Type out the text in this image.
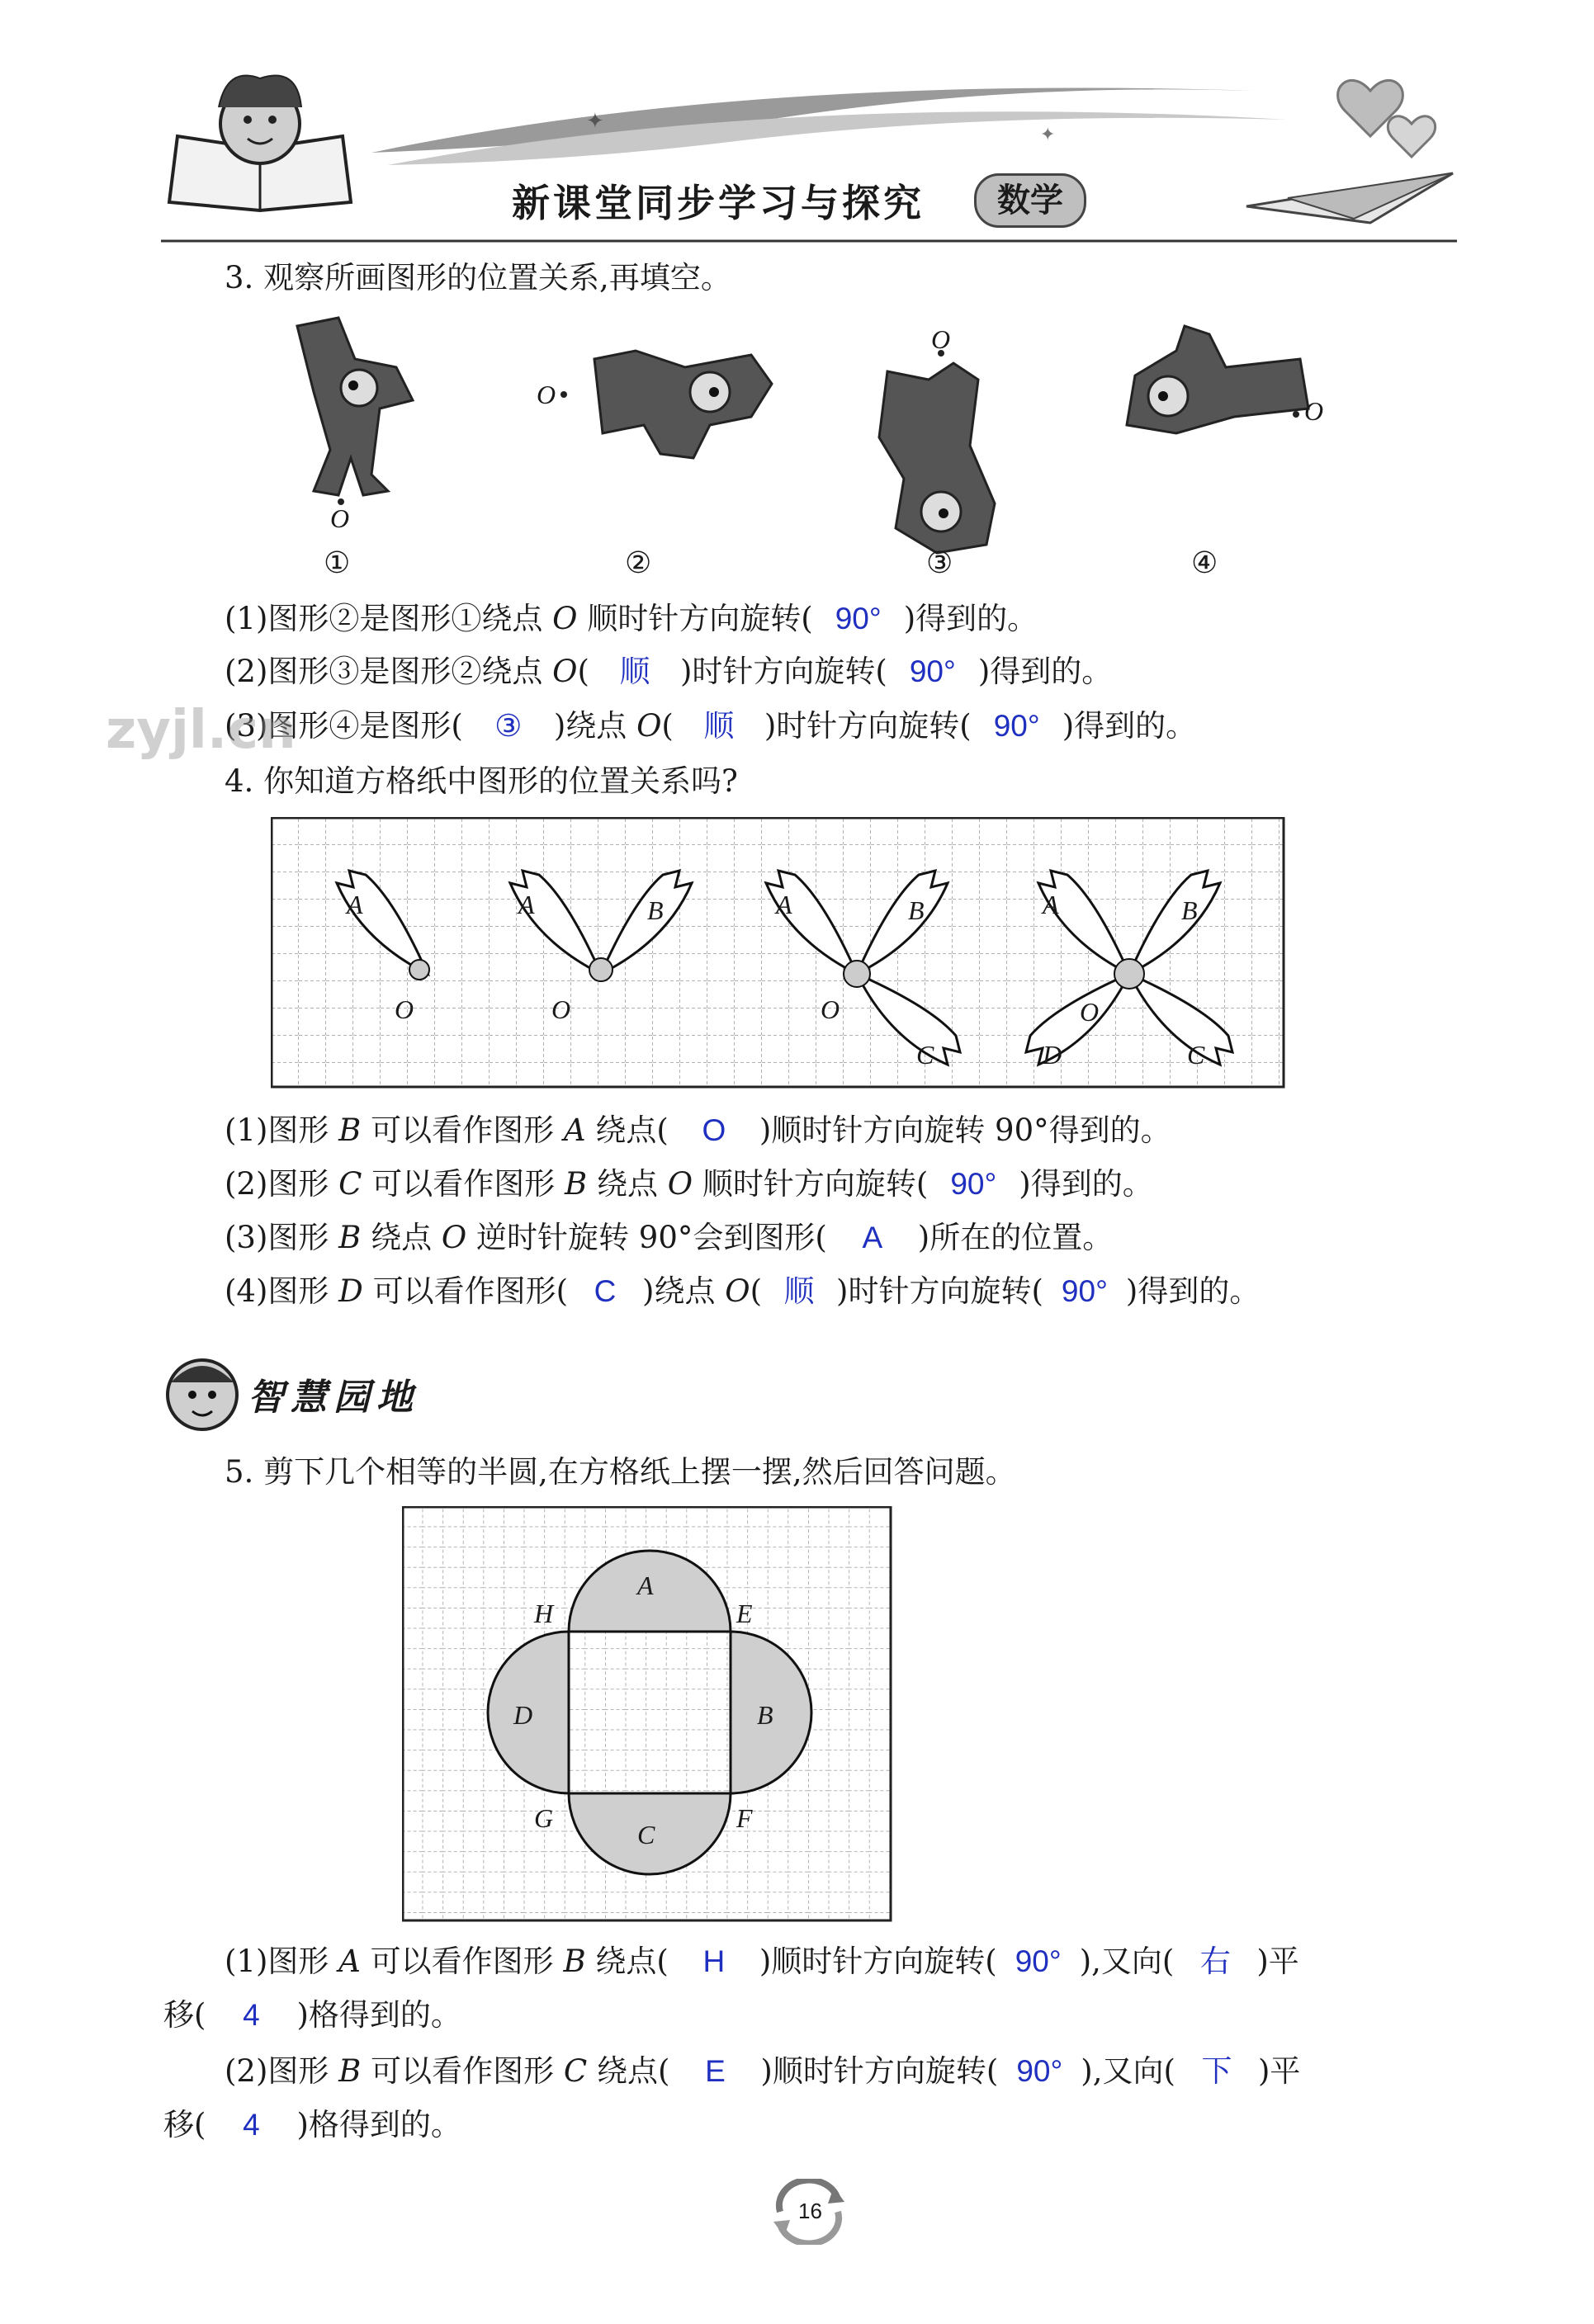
✦
✦
新课堂同步学习与探究	数学
3. 观察所画图形的位置关系,再填空。
O
O
O
O
①	②	③	④
(1)图形②是图形①绕点 O 顺时针方向旋转( 90° )得到的。
(2)图形③是图形②绕点 O( 顺 )时针方向旋转( 90° )得到的。
(3)图形④是图形( ③ )绕点 O( 顺 )时针方向旋转( 90° )得到的。
zyjl.cn
4. 你知道方格纸中图形的位置关系吗?
A
O
A	B
O
A	B
C
O
A	B
C
D
O
(1)图形 B 可以看作图形 A 绕点( O )顺时针方向旋转 90°得到的。
(2)图形 C 可以看作图形 B 绕点 O 顺时针方向旋转( 90° )得到的。
(3)图形 B 绕点 O 逆时针旋转 90°会到图形( A )所在的位置。
(4)图形 D 可以看作图形( C )绕点 O( 顺 )时针方向旋转( 90° )得到的。
智慧园地
5. 剪下几个相等的半圆,在方格纸上摆一摆,然后回答问题。
A
B
C
D
E
F
G
H
(1)图形 A 可以看作图形 B 绕点( H )顺时针方向旋转( 90° ),又向( 右 )平
移( 4 )格得到的。
(2)图形 B 可以看作图形 C 绕点( E )顺时针方向旋转( 90° ),又向( 下 )平
移( 4 )格得到的。
16
